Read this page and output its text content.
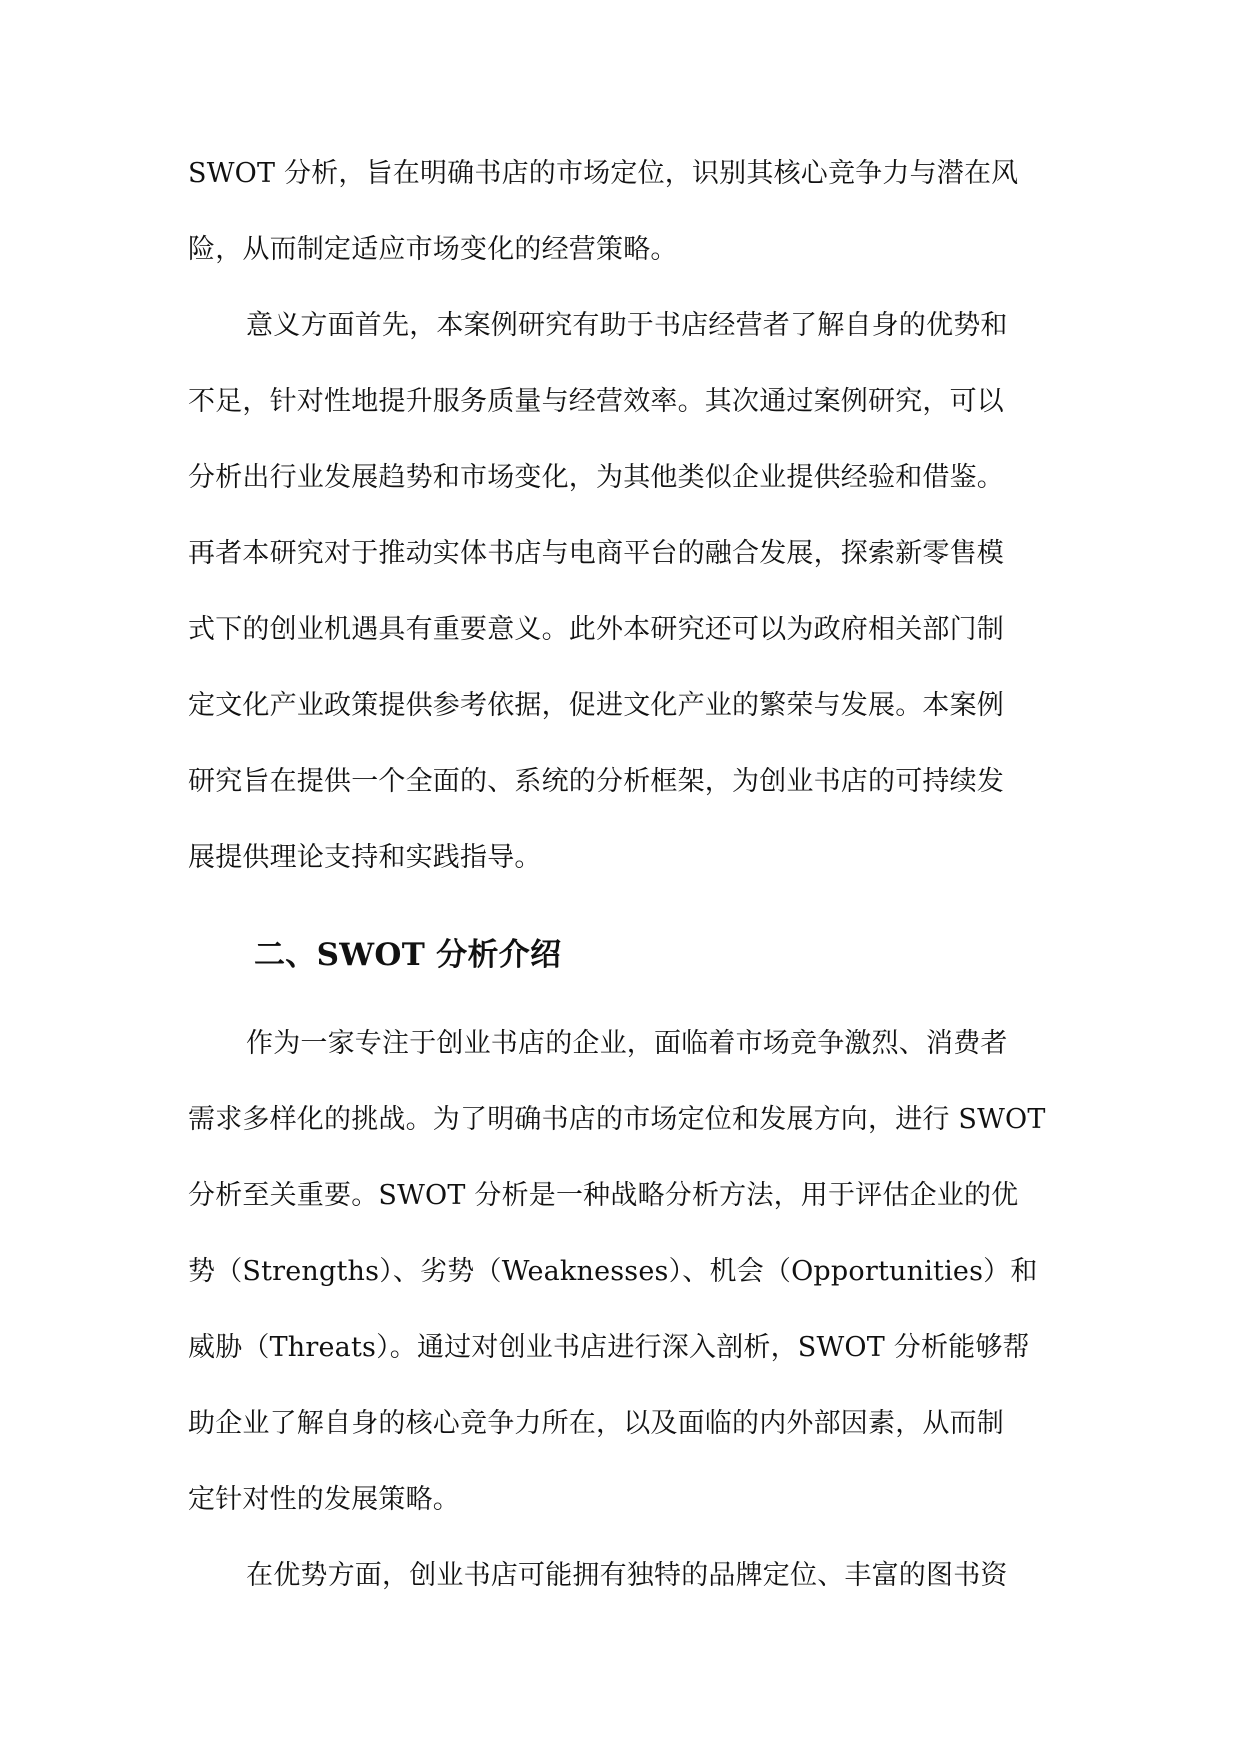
SWOT 分析，旨在明确书店的市场定位，识别其核心竞争力与潜在风
险，从而制定适应市场变化的经营策略。
意义方面首先，本案例研究有助于书店经营者了解自身的优势和
不足，针对性地提升服务质量与经营效率。其次通过案例研究，可以
分析出行业发展趋势和市场变化，为其他类似企业提供经验和借鉴。
再者本研究对于推动实体书店与电商平台的融合发展，探索新零售模
式下的创业机遇具有重要意义。此外本研究还可以为政府相关部门制
定文化产业政策提供参考依据，促进文化产业的繁荣与发展。本案例
研究旨在提供一个全面的、系统的分析框架，为创业书店的可持续发
展提供理论支持和实践指导。
二、SWOT 分析介绍
作为一家专注于创业书店的企业，面临着市场竞争激烈、消费者
需求多样化的挑战。为了明确书店的市场定位和发展方向，进行 SWOT
分析至关重要。SWOT 分析是一种战略分析方法，用于评估企业的优
势（Strengths）、劣势（Weaknesses）、机会（Opportunities）和
威胁（Threats）。通过对创业书店进行深入剖析，SWOT 分析能够帮
助企业了解自身的核心竞争力所在，以及面临的内外部因素，从而制
定针对性的发展策略。
在优势方面，创业书店可能拥有独特的品牌定位、丰富的图书资
